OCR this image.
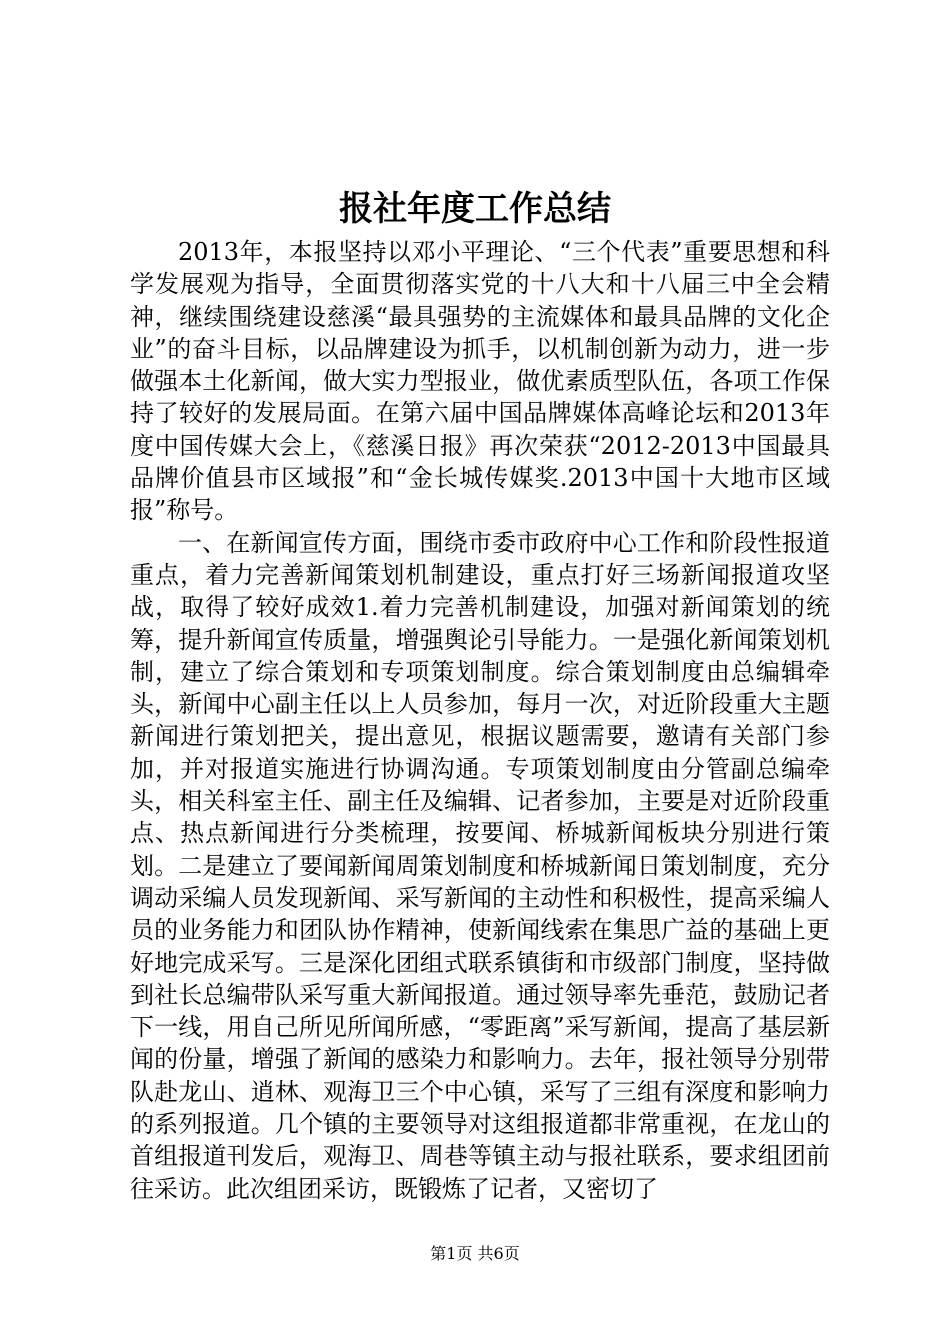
报社年度工作总结

2013年，本报坚持以邓小平理论、“三个代表”重要思想和科学发展观为指导，全面贯彻落实党的十八大和十八届三中全会精神，继续围绕建设慈溪“最具强势的主流媒体和最具品牌的文化企业”的奋斗目标，以品牌建设为抓手，以机制创新为动力，进一步做强本土化新闻，做大实力型报业，做优素质型队伍，各项工作保持了较好的发展局面。在第六届中国品牌媒体高峰论坛和2013年度中国传媒大会上，《慈溪日报》再次荣获“2012-2013中国最具品牌价值县市区域报”和“金长城传媒奖.2013中国十大地市区域报”称号。

一、在新闻宣传方面，围绕市委市政府中心工作和阶段性报道重点，着力完善新闻策划机制建设，重点打好三场新闻报道攻坚战，取得了较好成效1.着力完善机制建设，加强对新闻策划的统筹，提升新闻宣传质量，增强舆论引导能力。一是强化新闻策划机制，建立了综合策划和专项策划制度。综合策划制度由总编辑牵头，新闻中心副主任以上人员参加，每月一次，对近阶段重大主题新闻进行策划把关，提出意见，根据议题需要，邀请有关部门参加，并对报道实施进行协调沟通。专项策划制度由分管副总编牵头，相关科室主任、副主任及编辑、记者参加，主要是对近阶段重点、热点新闻进行分类梳理，按要闻、桥城新闻板块分别进行策划。二是建立了要闻新闻周策划制度和桥城新闻日策划制度，充分调动采编人员发现新闻、采写新闻的主动性和积极性，提高采编人员的业务能力和团队协作精神，使新闻线索在集思广益的基础上更好地完成采写。三是深化团组式联系镇街和市级部门制度，坚持做到社长总编带队采写重大新闻报道。通过领导率先垂范，鼓励记者下一线，用自己所见所闻所感，“零距离”采写新闻，提高了基层新闻的份量，增强了新闻的感染力和影响力。去年，报社领导分别带队赴龙山、逍林、观海卫三个中心镇，采写了三组有深度和影响力的系列报道。几个镇的主要领导对这组报道都非常重视，在龙山的首组报道刊发后，观海卫、周巷等镇主动与报社联系，要求组团前往采访。此次组团采访，既锻炼了记者，又密切了

第1页 共6页
